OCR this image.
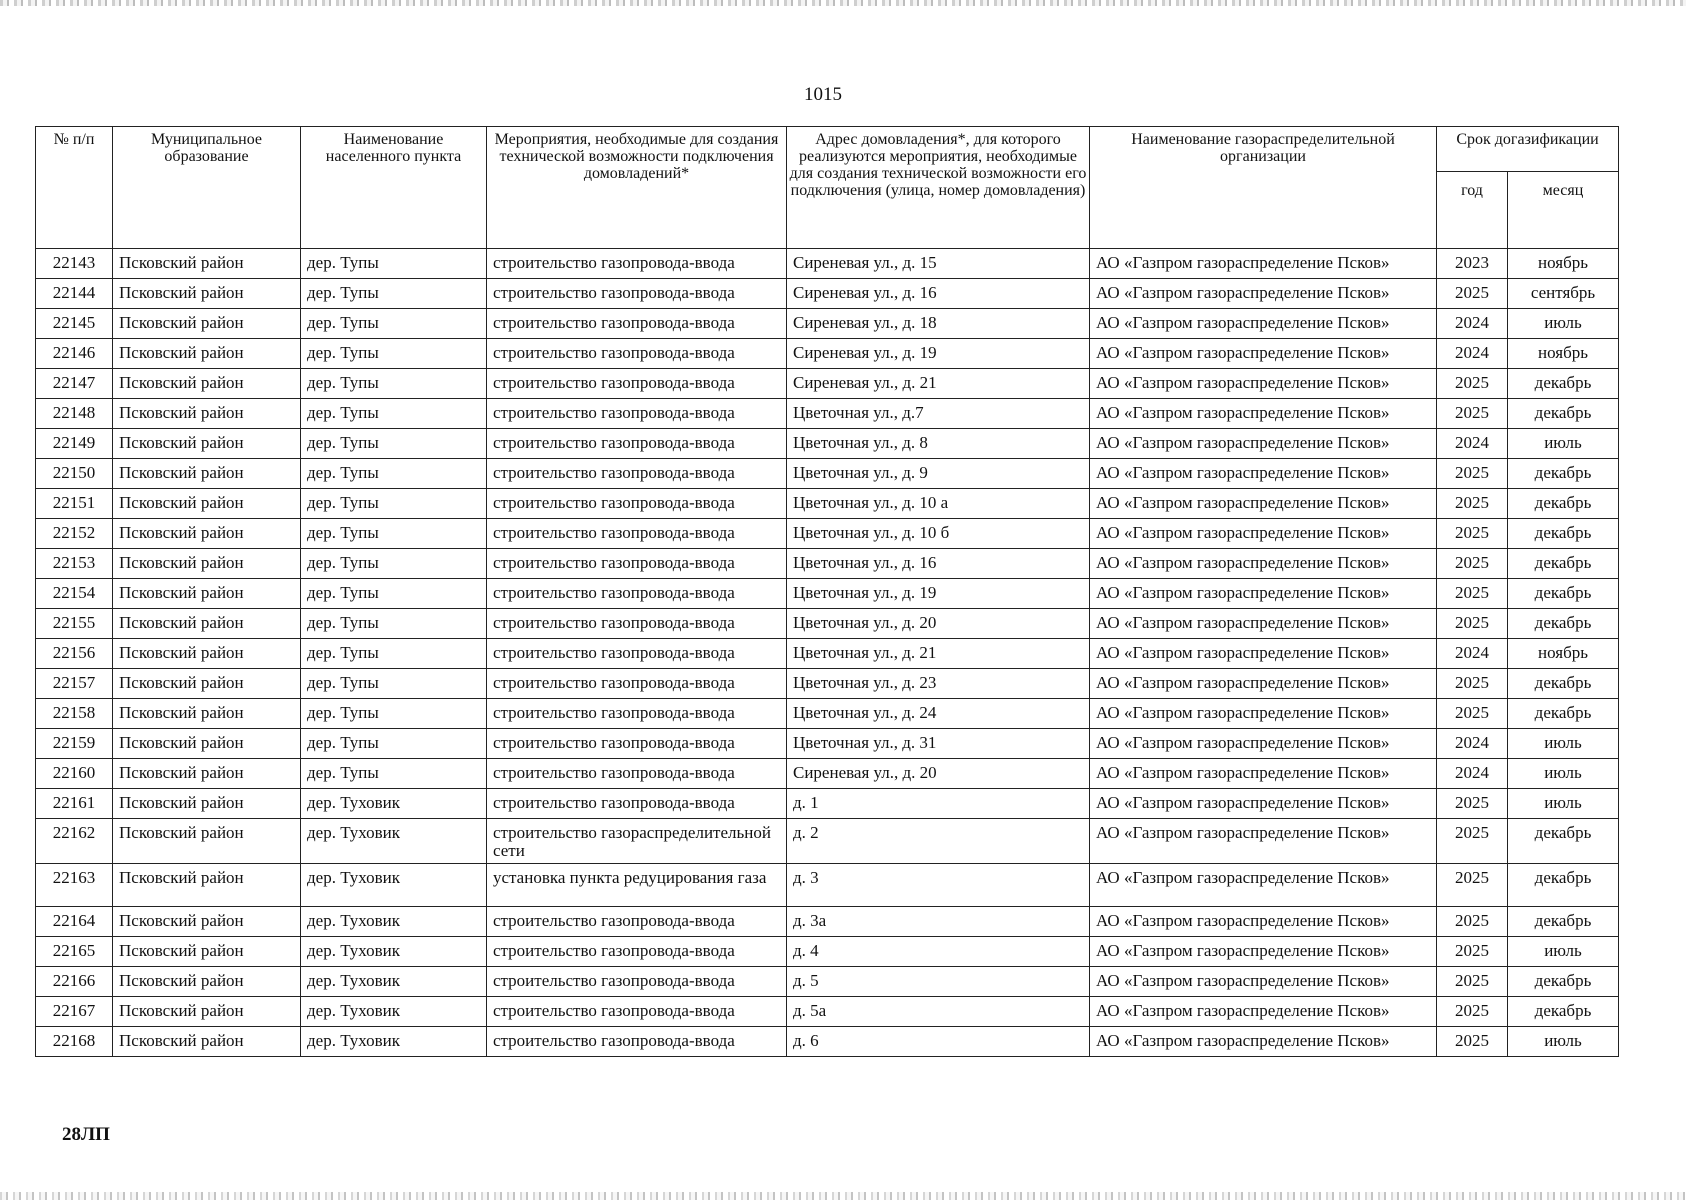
1015
№ п/п	Муниципальное образование	Наименование населенного пункта	Мероприятия, необходимые для создания технической возможности подключения домовладений*	Адрес домовладения*, для которого реализуются мероприятия, необходимые для создания технической возможности его подключения (улица, номер домовладения)	Наименование газораспределительной организации	Срок догазификации	
						год	месяц
22143	Псковский район	дер. Тупы	строительство газопровода-ввода	Сиреневая ул., д. 15	АО «Газпром газораспределение Псков»	2023	ноябрь
22144	Псковский район	дер. Тупы	строительство газопровода-ввода	Сиреневая ул., д. 16	АО «Газпром газораспределение Псков»	2025	сентябрь
22145	Псковский район	дер. Тупы	строительство газопровода-ввода	Сиреневая ул., д. 18	АО «Газпром газораспределение Псков»	2024	июль
22146	Псковский район	дер. Тупы	строительство газопровода-ввода	Сиреневая ул., д. 19	АО «Газпром газораспределение Псков»	2024	ноябрь
22147	Псковский район	дер. Тупы	строительство газопровода-ввода	Сиреневая ул., д. 21	АО «Газпром газораспределение Псков»	2025	декабрь
22148	Псковский район	дер. Тупы	строительство газопровода-ввода	Цветочная ул., д.7	АО «Газпром газораспределение Псков»	2025	декабрь
22149	Псковский район	дер. Тупы	строительство газопровода-ввода	Цветочная ул., д. 8	АО «Газпром газораспределение Псков»	2024	июль
22150	Псковский район	дер. Тупы	строительство газопровода-ввода	Цветочная ул., д. 9	АО «Газпром газораспределение Псков»	2025	декабрь
22151	Псковский район	дер. Тупы	строительство газопровода-ввода	Цветочная ул., д. 10 а	АО «Газпром газораспределение Псков»	2025	декабрь
22152	Псковский район	дер. Тупы	строительство газопровода-ввода	Цветочная ул., д. 10 б	АО «Газпром газораспределение Псков»	2025	декабрь
22153	Псковский район	дер. Тупы	строительство газопровода-ввода	Цветочная ул., д. 16	АО «Газпром газораспределение Псков»	2025	декабрь
22154	Псковский район	дер. Тупы	строительство газопровода-ввода	Цветочная ул., д. 19	АО «Газпром газораспределение Псков»	2025	декабрь
22155	Псковский район	дер. Тупы	строительство газопровода-ввода	Цветочная ул., д. 20	АО «Газпром газораспределение Псков»	2025	декабрь
22156	Псковский район	дер. Тупы	строительство газопровода-ввода	Цветочная ул., д. 21	АО «Газпром газораспределение Псков»	2024	ноябрь
22157	Псковский район	дер. Тупы	строительство газопровода-ввода	Цветочная ул., д. 23	АО «Газпром газораспределение Псков»	2025	декабрь
22158	Псковский район	дер. Тупы	строительство газопровода-ввода	Цветочная ул., д. 24	АО «Газпром газораспределение Псков»	2025	декабрь
22159	Псковский район	дер. Тупы	строительство газопровода-ввода	Цветочная ул., д. 31	АО «Газпром газораспределение Псков»	2024	июль
22160	Псковский район	дер. Тупы	строительство газопровода-ввода	Сиреневая ул., д. 20	АО «Газпром газораспределение Псков»	2024	июль
22161	Псковский район	дер. Туховик	строительство газопровода-ввода	д. 1	АО «Газпром газораспределение Псков»	2025	июль
22162	Псковский район	дер. Туховик	строительство газораспределительной сети	д. 2	АО «Газпром газораспределение Псков»	2025	декабрь
22163	Псковский район	дер. Туховик	установка пункта редуцирования газа	д. 3	АО «Газпром газораспределение Псков»	2025	декабрь
22164	Псковский район	дер. Туховик	строительство газопровода-ввода	д. 3а	АО «Газпром газораспределение Псков»	2025	декабрь
22165	Псковский район	дер. Туховик	строительство газопровода-ввода	д. 4	АО «Газпром газораспределение Псков»	2025	июль
22166	Псковский район	дер. Туховик	строительство газопровода-ввода	д. 5	АО «Газпром газораспределение Псков»	2025	декабрь
22167	Псковский район	дер. Туховик	строительство газопровода-ввода	д. 5а	АО «Газпром газораспределение Псков»	2025	декабрь
22168	Псковский район	дер. Туховик	строительство газопровода-ввода	д. 6	АО «Газпром газораспределение Псков»	2025	июль
28ЛП
